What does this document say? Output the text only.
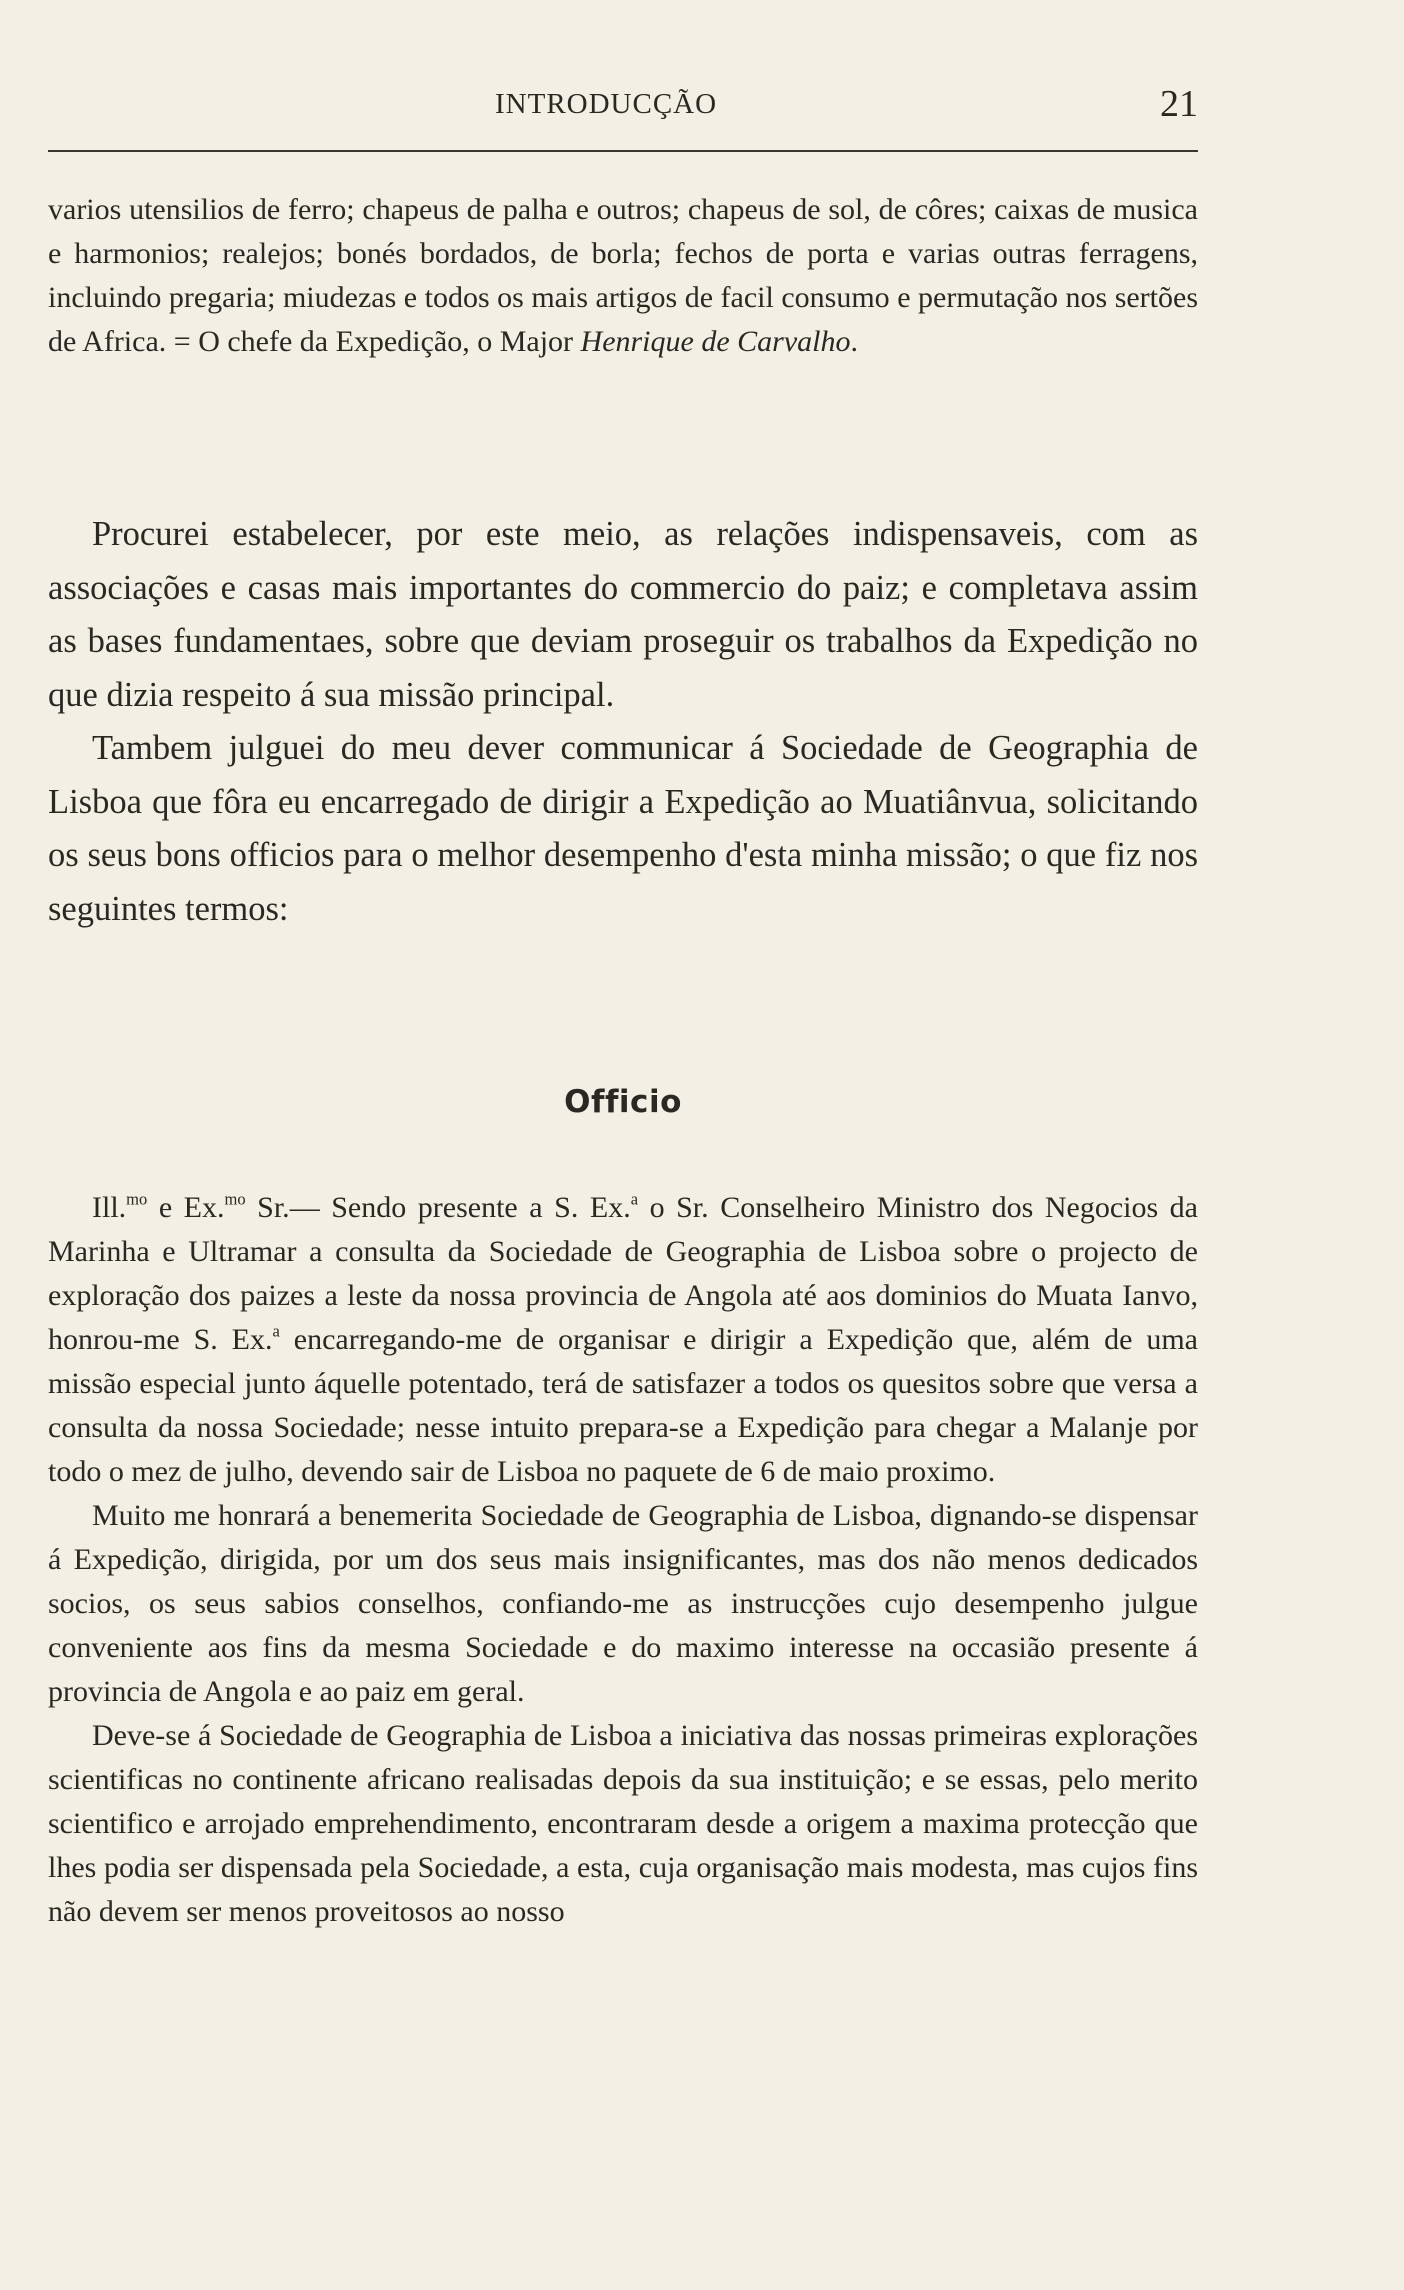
INTRODUCÇÃO	21

varios utensilios de ferro; chapeus de palha e outros; chapeus de sol, de côres; caixas de musica e harmonios; realejos; bonés bordados, de borla; fechos de porta e varias outras ferragens, incluindo pregaria; miudezas e todos os mais artigos de facil consumo e permutação nos sertões de Africa. = O chefe da Expedição, o Major Henrique de Carvalho.

Procurei estabelecer, por este meio, as relações indispensaveis, com as associações e casas mais importantes do commercio do paiz; e completava assim as bases fundamentaes, sobre que deviam proseguir os trabalhos da Expedição no que dizia respeito á sua missão principal.

Tambem julguei do meu dever communicar á Sociedade de Geographia de Lisboa que fôra eu encarregado de dirigir a Expedição ao Muatiânvua, solicitando os seus bons officios para o melhor desempenho d'esta minha missão; o que fiz nos seguintes termos:

Officio

Ill.$^{mo}$ e Ex.$^{mo}$ Sr.— Sendo presente a S. Ex.$^a$ o Sr. Conselheiro Ministro dos Negocios da Marinha e Ultramar a consulta da Sociedade de Geographia de Lisboa sobre o projecto de exploração dos paizes a leste da nossa provincia de Angola até aos dominios do Muata Ianvo, honrou-me S. Ex.$^a$ encarregando-me de organisar e dirigir a Expedição que, além de uma missão especial junto áquelle potentado, terá de satisfazer a todos os quesitos sobre que versa a consulta da nossa Sociedade; nesse intuito prepara-se a Expedição para chegar a Malanje por todo o mez de julho, devendo sair de Lisboa no paquete de 6 de maio proximo.

Muito me honrará a benemerita Sociedade de Geographia de Lisboa, dignando-se dispensar á Expedição, dirigida, por um dos seus mais insignificantes, mas dos não menos dedicados socios, os seus sabios conselhos, confiando-me as instrucções cujo desempenho julgue conveniente aos fins da mesma Sociedade e do maximo interesse na occasião presente á provincia de Angola e ao paiz em geral.

Deve-se á Sociedade de Geographia de Lisboa a iniciativa das nossas primeiras explorações scientificas no continente africano realisadas depois da sua instituição; e se essas, pelo merito scientifico e arrojado emprehendimento, encontraram desde a origem a maxima protecção que lhes podia ser dispensada pela Sociedade, a esta, cuja organisação mais modesta, mas cujos fins não devem ser menos proveitosos ao nosso
